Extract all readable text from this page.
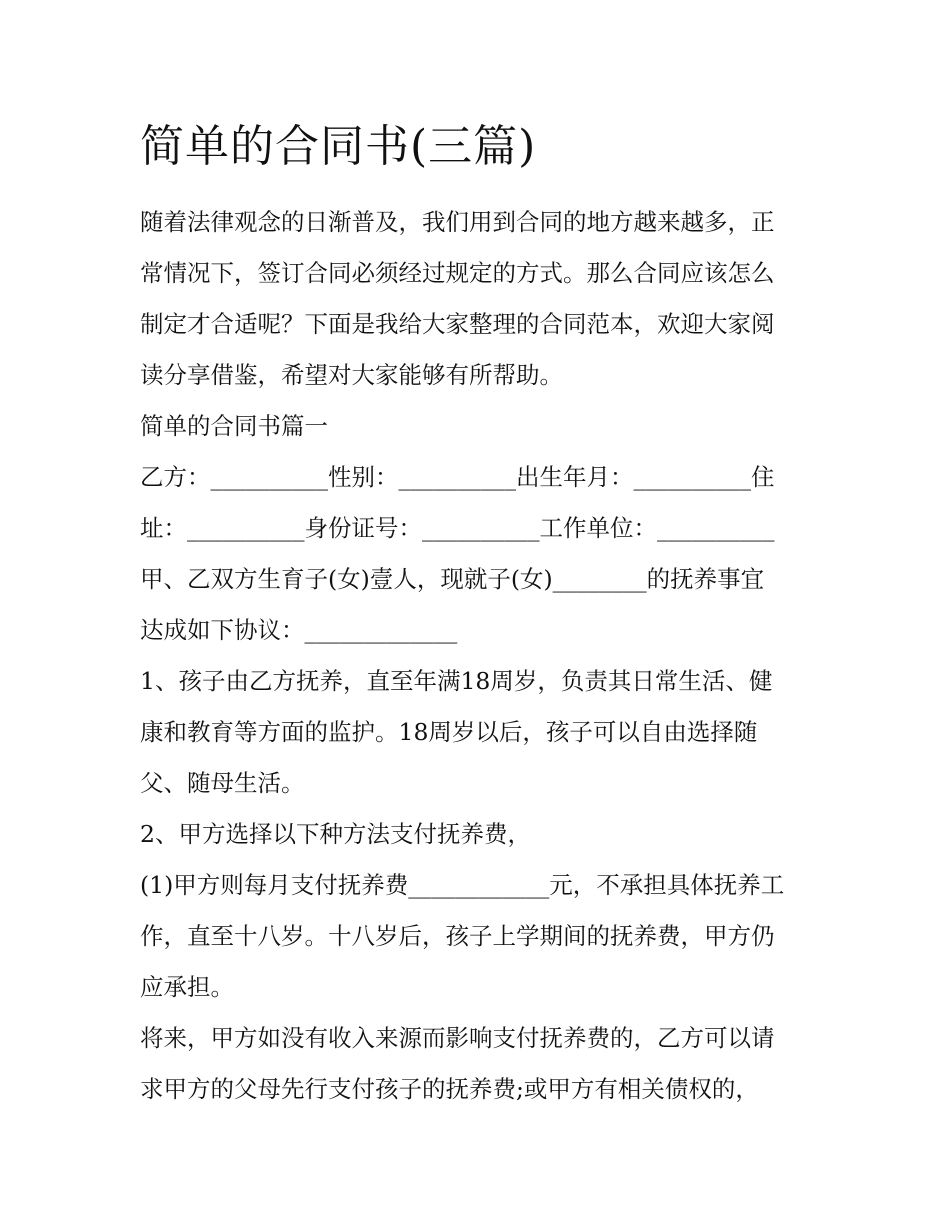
简单的合同书(三篇)
随着法律观念的日渐普及，我们用到合同的地方越来越多，正
常情况下，签订合同必须经过规定的方式。那么合同应该怎么
制定才合适呢？下面是我给大家整理的合同范本，欢迎大家阅
读分享借鉴，希望对大家能够有所帮助。
简单的合同书篇一
乙方：__________性别：__________出生年月：__________住
址：__________身份证号：__________工作单位：__________
甲、乙双方生育子(女)壹人，现就子(女)________的抚养事宜
达成如下协议：_____________
1、孩子由乙方抚养，直至年满18周岁，负责其日常生活、健
康和教育等方面的监护。18周岁以后，孩子可以自由选择随
父、随母生活。
2、甲方选择以下种方法支付抚养费，
(1)甲方则每月支付抚养费____________元，不承担具体抚养工
作，直至十八岁。十八岁后，孩子上学期间的抚养费，甲方仍
应承担。
将来，甲方如没有收入来源而影响支付抚养费的，乙方可以请
求甲方的父母先行支付孩子的抚养费;或甲方有相关债权的，
